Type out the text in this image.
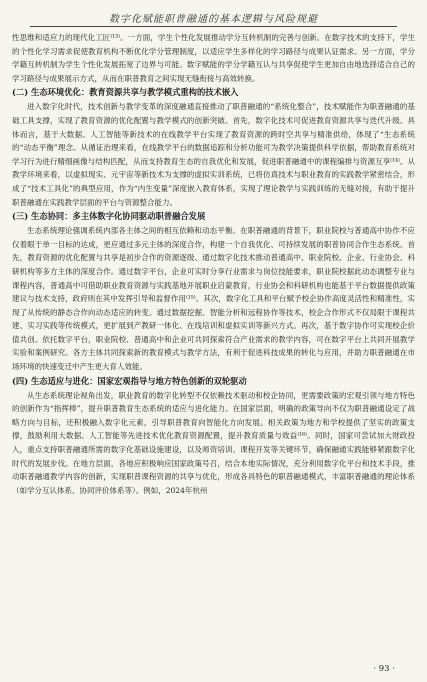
数字化赋能职普融通的基本逻辑与风险规避

性思维和适应力的现代化工匠⁽¹³⁾。一方面，学生个性化发展推动学分互转机制的完善与创新。在数字技术的支持下，学生的个性化学习需求促使教育机构不断优化学分管理制度，以适应学生多样化的学习路径与成果认证需求。另一方面，学分学籍互转机制为学生个性化发展拓宽了边界与可能。数字赋能的学分学籍互认与共享促使学生更加自由地选择适合自己的学习路径与成果展示方式，从而在职普教育之间实现无缝衔接与高效转换。

(二) 生态环境优化：教育资源共享与教学模式重构的技术嵌入

进入数字化时代，技术创新与教学变革的深度融通直接推动了职普融通的“系统化整合”，技术赋能作为职普融通的基础工具支撑，实现了教育资源的优化配置与教学模式的创新突破。首先，数字化技术可促进教育资源共享与迭代升级。具体而言，基于大数据、人工智能等新技术的在线教学平台实现了教育资源的跨时空共享与精准供给，体现了“生态系统的“动态平衡”理念。从循证治理来看，在线教学平台的数据追踪和分析功能可为教学决策提供科学依据，帮助教育系统对学习行为进行精细画像与结构匹配，从而支持教育生态的自我优化和发展，促进职普融通中的课程编排与资源互享⁽¹⁴⁾。从教学环境来看，以虚拟现实、元宇宙等新技术为支撑的虚拟实训系统，已将仿真技术与职业教育的实践教学紧密结合，形成了“技术工具化”的典型应用，作为“内生变量”深度嵌入教育体系，实现了理论教学与实践训练的无缝对接，有助于提升职普融通在实践教学层面的平台与资源整合能力。

(三) 生态协同：多主体数字化协同驱动职普融合发展

生态系统理论强调系统内部各主体之间的相互依赖和动态平衡。在职普融通的背景下，职业院校与普通高中协作不应仅着眼于单一目标的达成，更应通过多元主体的深度合作，构建一个自我优化、可持续发展的职普协同合作生态系统。首先，教育资源的优化配置与共享是初步合作的资源逐级、通过数字化技术推动普通高中、职业院校、企业、行业协会、科研机构等多方主体的深度合作。通过数字平台，企业可实时分享行业需求与岗位技能要求，职业院校据此动态调整专业与课程内容，普通高中可借助职业教育资源与实践基地开展职业启蒙教育，行业协会和科研机构也能基于平台数据提供政策建议与技术支持，政府则在其中发挥引导和监督作用⁽¹⁵⁾。其次，数字化工具和平台赋予校企协作高度灵活性和精准性，实现了从传统的静态合作向动态适应的转变。通过数据挖掘、智能分析和远程协作等技术，校企合作形式不仅局限于课程共建、实习实践等传统模式，更扩展到产教研一体化、在线培训和虚拟实训等新兴方式。再次，基于数字协作可实现校企价值共创。依托数字平台，职业院校、普通高中和企业可共同探索符合产业需求的教学内容，可在数字平台上共同开展教学实验和案例研究。各方主体共同探索新的教育模式与教学方法，有利于促进科技成果的转化与应用，并助力职普融通在市场环境的快速变迁中产生更大育人效能。

(四) 生态适应与进化：国家宏观指导与地方特色创新的双轮驱动

从生态系统理论视角出发，职业教育的数字化转型不仅依赖技术驱动和校企协同，更需要政策的宏观引领与地方特色的创新作为“指挥棒”，提升职普教育生态系统的适应与进化能力。在国家层面，明确的政策导向不仅为职普融通设定了战略方向与目标，还积极融入数字化元素，引导职普教育向智能化方向发展。相关政策为地方和学校提供了坚实的政策支撑，鼓励利用大数据、人工智能等先进技术优化教育资源配置，提升教育质量与效益⁽¹⁶⁾。同时，国家可尝试加大财政投入，重点支持职普融通所需的数字化基础设施建设，以及师资培训、课程开发等关键环节，确保融通实践能够紧跟数字化时代的发展步伐。在地方层面，各地应积极响应国家政策号召，结合本地实际情况，充分利用数字化平台和技术手段，推动职普融通教学内容的创新，实现职普课程资源的共享与优化，形成各具特色的职普融通模式，丰富职普融通的理论体系（如学分互认体系、协同评价体系等）。例如，2024年杭州

· 93 ·
